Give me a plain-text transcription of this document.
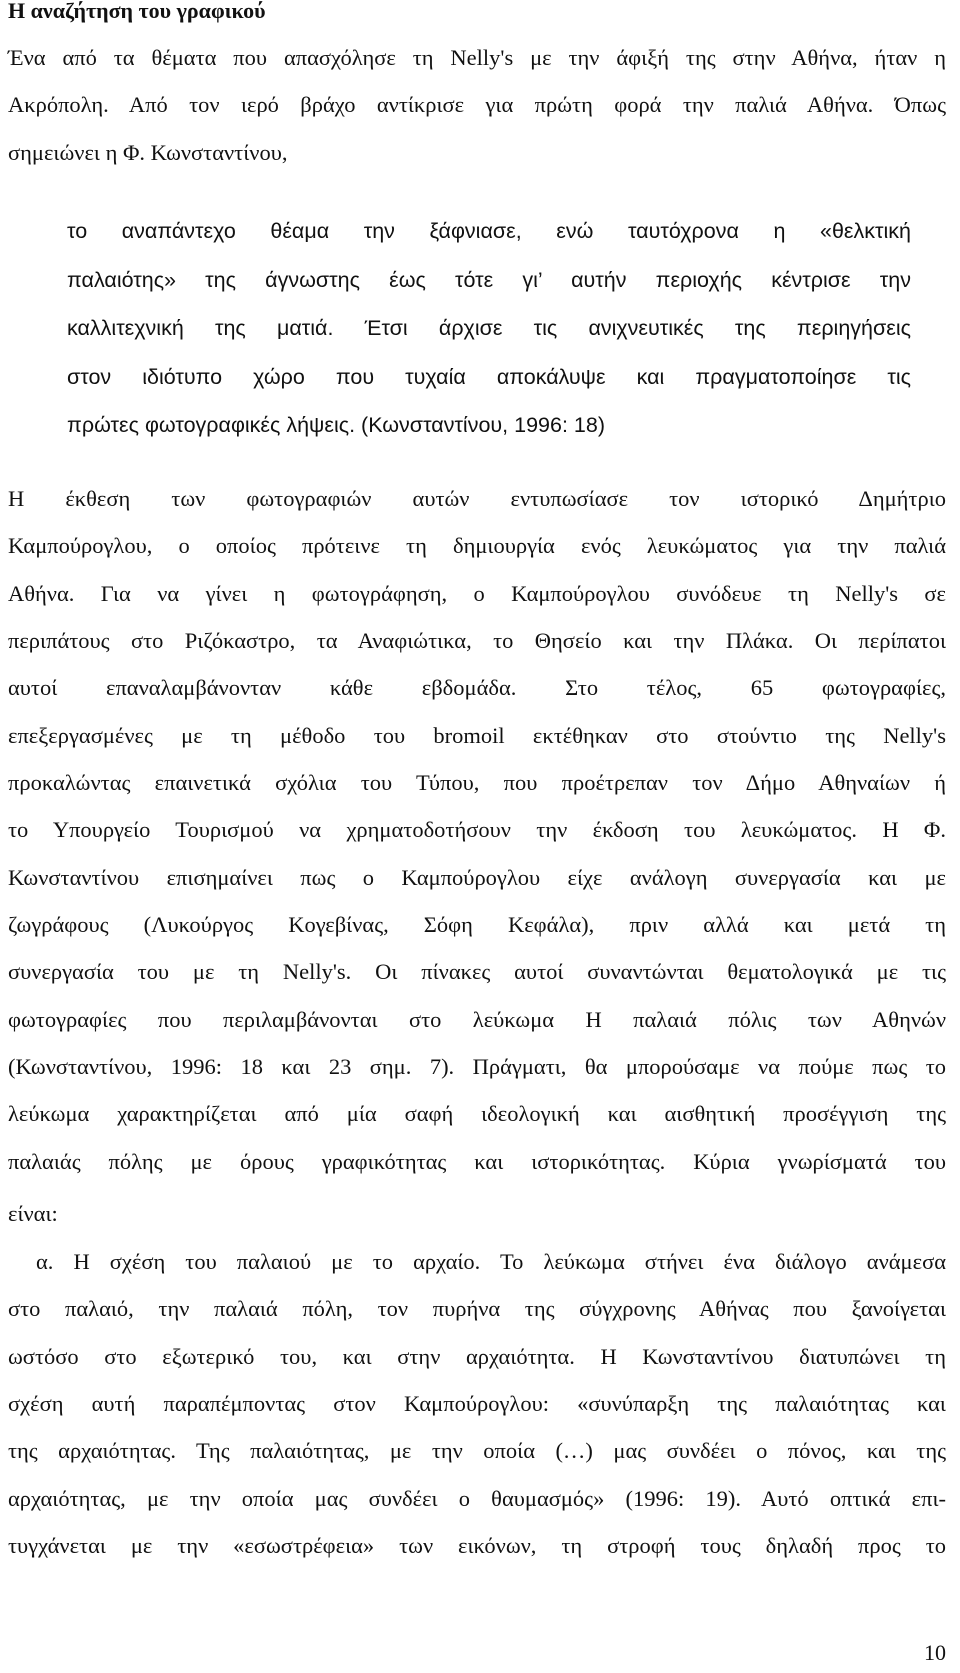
Η αναζήτηση του γραφικού
Ένα από τα θέματα που απασχόλησε τη Nelly's με την άφιξή της στην Αθήνα, ήταν η
Ακρόπολη. Από τον ιερό βράχο αντίκρισε για πρώτη φορά την παλιά Αθήνα. Όπως
σημειώνει η Φ. Κωνσταντίνου,
το αναπάντεχο θέαμα την ξάφνιασε, ενώ ταυτόχρονα η «θελκτική
παλαιότης» της άγνωστης έως τότε γι’ αυτήν περιοχής κέντρισε την
καλλιτεχνική της ματιά. Έτσι άρχισε τις ανιχνευτικές της περιηγήσεις
στον ιδιότυπο χώρο που τυχαία αποκάλυψε και πραγματοποίησε τις
πρώτες φωτογραφικές λήψεις. (Κωνσταντίνου, 1996: 18)
Η έκθεση των φωτογραφιών αυτών εντυπωσίασε τον ιστορικό Δημήτριο
Καμπούρογλου, ο οποίος πρότεινε τη δημιουργία ενός λευκώματος για την παλιά
Αθήνα. Για να γίνει η φωτογράφηση, ο Καμπούρογλου συνόδευε τη Nelly's σε
περιπάτους στο Ριζόκαστρο, τα Αναφιώτικα, το Θησείο και την Πλάκα. Οι περίπατοι
αυτοί επαναλαμβάνονταν κάθε εβδομάδα. Στο τέλος, 65 φωτογραφίες,
επεξεργασμένες με τη μέθοδο του bromoil εκτέθηκαν στο στούντιο της Nelly's
προκαλώντας επαινετικά σχόλια του Τύπου, που προέτρεπαν τον Δήμο Αθηναίων ή
το Υπουργείο Τουρισμού να χρηματοδοτήσουν την έκδοση του λευκώματος. Η Φ.
Κωνσταντίνου επισημαίνει πως ο Καμπούρογλου είχε ανάλογη συνεργασία και με
ζωγράφους (Λυκούργος Κογεβίνας, Σόφη Κεφάλα), πριν αλλά και μετά τη
συνεργασία του με τη Nelly's. Οι πίνακες αυτοί συναντώνται θεματολογικά με τις
φωτογραφίες που περιλαμβάνονται στο λεύκωμα Η παλαιά πόλις των Αθηνών
(Κωνσταντίνου, 1996: 18 και 23 σημ. 7). Πράγματι, θα μπορούσαμε να πούμε πως το
λεύκωμα χαρακτηρίζεται από μία σαφή ιδεολογική και αισθητική προσέγγιση της
παλαιάς πόλης με όρους γραφικότητας και ιστορικότητας. Κύρια γνωρίσματά του
είναι:
α. Η σχέση του παλαιού με το αρχαίο. Το λεύκωμα στήνει ένα διάλογο ανάμεσα
στο παλαιό, την παλαιά πόλη, τον πυρήνα της σύγχρονης Αθήνας που ξανοίγεται
ωστόσο στο εξωτερικό του, και στην αρχαιότητα. Η Κωνσταντίνου διατυπώνει τη
σχέση αυτή παραπέμποντας στον Καμπούρογλου: «συνύπαρξη της παλαιότητας και
της αρχαιότητας. Της παλαιότητας, με την οποία (…) μας συνδέει ο πόνος, και της
αρχαιότητας, με την οποία μας συνδέει ο θαυμασμός» (1996: 19). Αυτό οπτικά επι-
τυγχάνεται με την «εσωστρέφεια» των εικόνων, τη στροφή τους δηλαδή προς το
10
